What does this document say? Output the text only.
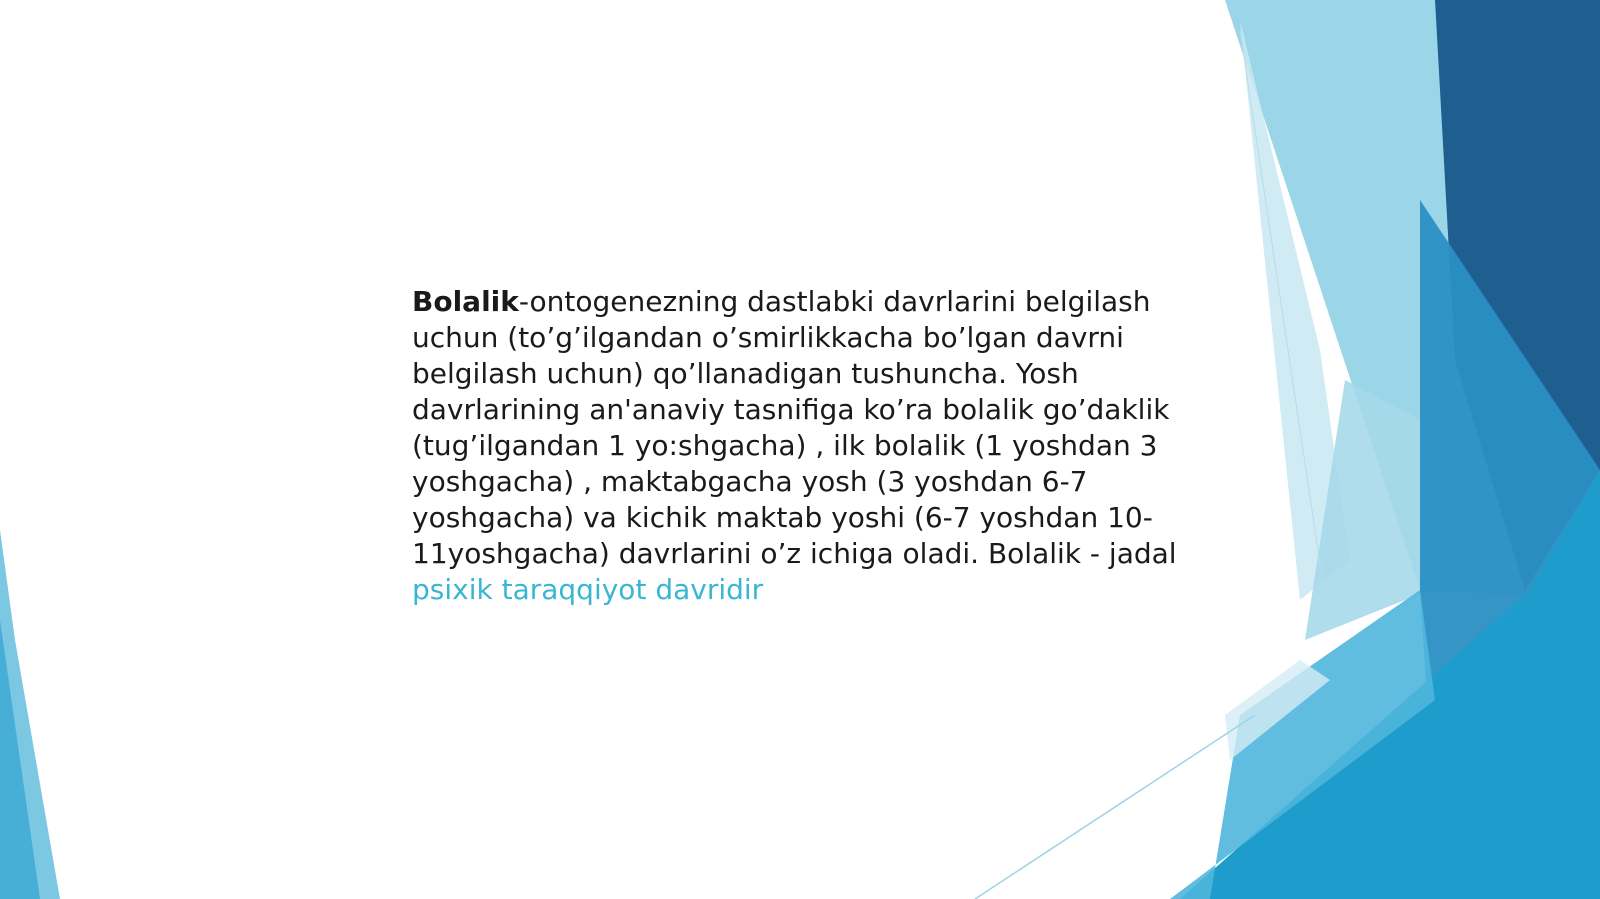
Bolalik-ontogenezning dastlabki davrlarini belgilash uchun (to’g’ilgandan o’smirlikkacha bo’lgan davrni belgilash uchun) qo’llanadigan tushuncha. Yosh davrlarining an'anaviy tasnifiga ko’ra bolalik go’daklik (tug’ilgandan 1 yo:shgacha) , ilk bolalik (1 yoshdan 3 yoshgacha) , maktabgacha yosh (3 yoshdan 6-7 yoshgacha) va kichik maktab yoshi (6-7 yoshdan 10-11yoshgacha) davrlarini o’z ichiga oladi. Bolalik - jadal psixik taraqqiyot davridir
